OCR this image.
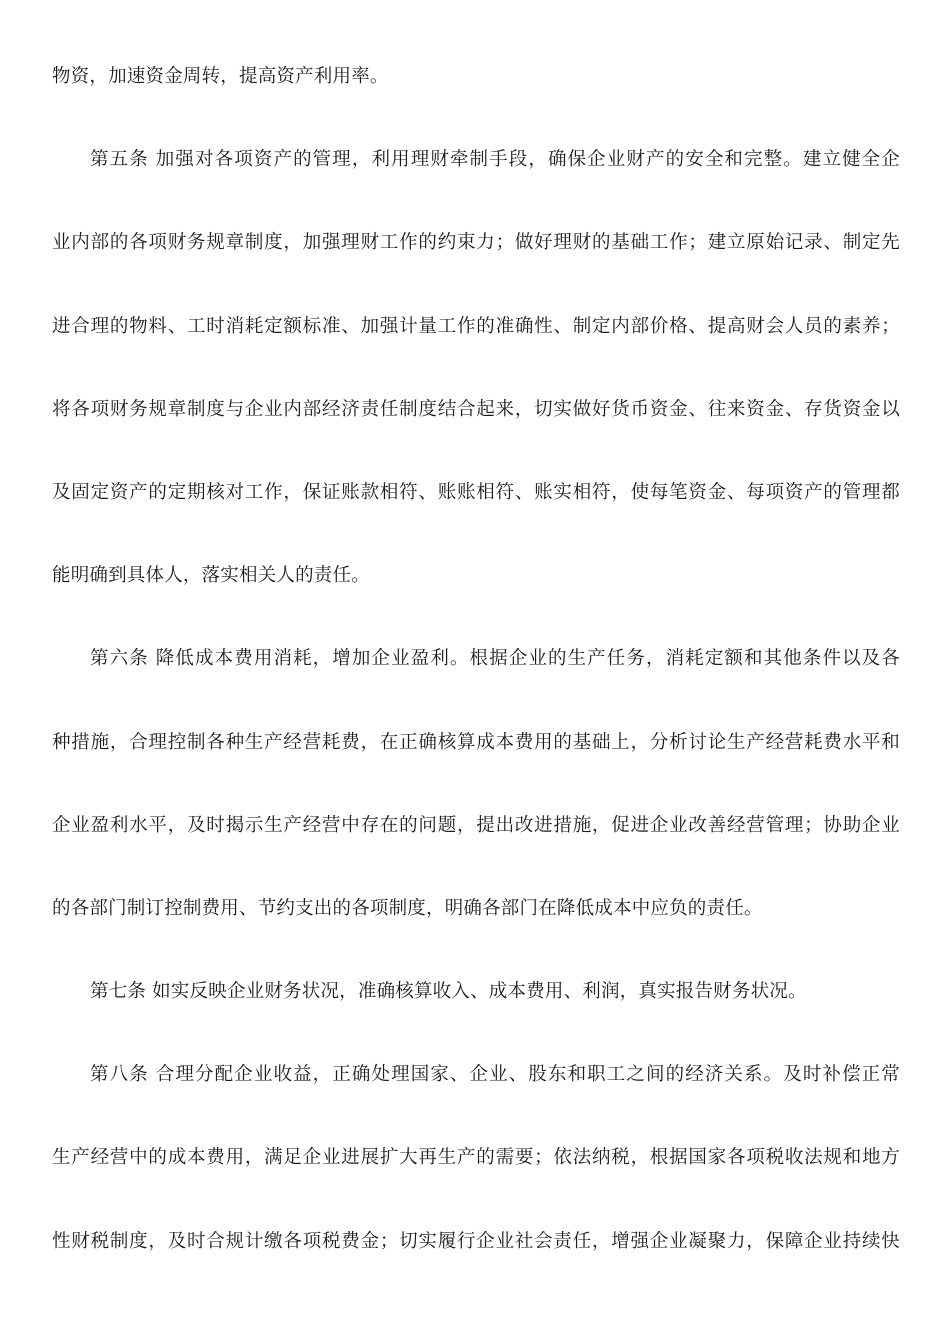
物资，加速资金周转，提高资产利用率。
第五条 加强对各项资产的管理，利用理财牵制手段，确保企业财产的安全和完整。建立健全企
业内部的各项财务规章制度，加强理财工作的约束力；做好理财的基础工作；建立原始记录、制定先
进合理的物料、工时消耗定额标准、加强计量工作的准确性、制定内部价格、提高财会人员的素养；
将各项财务规章制度与企业内部经济责任制度结合起来，切实做好货币资金、往来资金、存货资金以
及固定资产的定期核对工作，保证账款相符、账账相符、账实相符，使每笔资金、每项资产的管理都
能明确到具体人，落实相关人的责任。
第六条 降低成本费用消耗，增加企业盈利。根据企业的生产任务，消耗定额和其他条件以及各
种措施，合理控制各种生产经营耗费，在正确核算成本费用的基础上，分析讨论生产经营耗费水平和
企业盈利水平，及时揭示生产经营中存在的问题，提出改进措施，促进企业改善经营管理；协助企业
的各部门制订控制费用、节约支出的各项制度，明确各部门在降低成本中应负的责任。
第七条 如实反映企业财务状况，准确核算收入、成本费用、利润，真实报告财务状况。
第八条 合理分配企业收益，正确处理国家、企业、股东和职工之间的经济关系。及时补偿正常
生产经营中的成本费用，满足企业进展扩大再生产的需要；依法纳税，根据国家各项税收法规和地方
性财税制度，及时合规计缴各项税费金；切实履行企业社会责任，增强企业凝聚力，保障企业持续快
